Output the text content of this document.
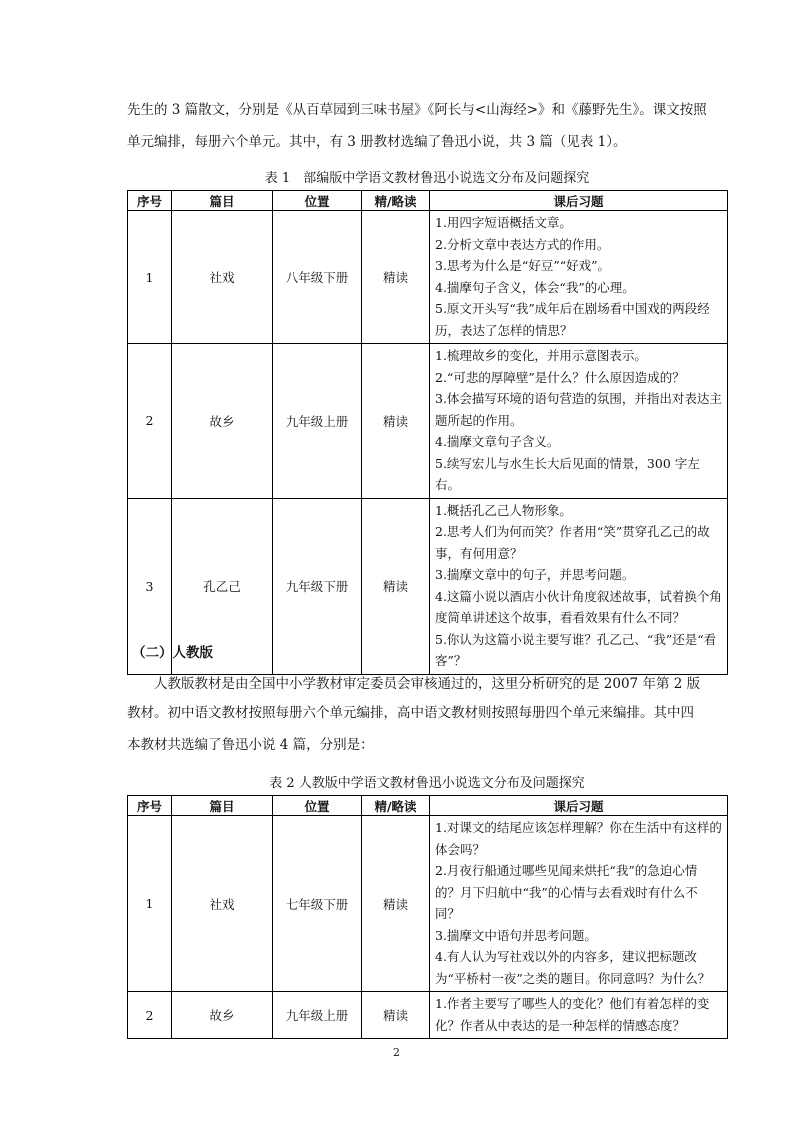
先生的 3 篇散文，分别是《从百草园到三味书屋》《阿长与<山海经>》和《藤野先生》。课文按照

单元编排，每册六个单元。其中，有 3 册教材选编了鲁迅小说，共 3 篇（见表 1）。

表 1　部编版中学语文教材鲁迅小说选文分布及问题探究
序号	篇目	位置	精/略读	课后习题
1	社戏	八年级下册	精读	1.用四字短语概括文章。
2.分析文章中表达方式的作用。
3.思考为什么是“好豆”“好戏”。
4.揣摩句子含义，体会“我”的心理。
5.原文开头写“我”成年后在剧场看中国戏的两段经历，表达了怎样的情思？

2	故乡	九年级上册	精读	1.梳理故乡的变化，并用示意图表示。
2.“可悲的厚障壁”是什么？什么原因造成的？
3.体会描写环境的语句营造的氛围，并指出对表达主题所起的作用。
4.揣摩文章句子含义。
5.续写宏儿与水生长大后见面的情景，300 字左右。

3	孔乙己	九年级下册	精读	1.概括孔乙己人物形象。
2.思考人们为何而笑？作者用“笑”贯穿孔乙己的故事，有何用意？
3.揣摩文章中的句子，并思考问题。
4.这篇小说以酒店小伙计角度叙述故事，试着换个角度简单讲述这个故事，看看效果有什么不同？
5.你认为这篇小说主要写谁？孔乙己、“我”还是“看客”？
（二）人教版

人教版教材是由全国中小学教材审定委员会审核通过的，这里分析研究的是 2007 年第 2 版

教材。初中语文教材按照每册六个单元编排，高中语文教材则按照每册四个单元来编排。其中四

本教材共选编了鲁迅小说 4 篇，分别是：

表 2 人教版中学语文教材鲁迅小说选文分布及问题探究
序号	篇目	位置	精/略读	课后习题
1	社戏	七年级下册	精读	1.对课文的结尾应该怎样理解？你在生活中有这样的体会吗？
2.月夜行船通过哪些见闻来烘托“我”的急迫心情的？月下归航中“我”的心情与去看戏时有什么不同？
3.揣摩文中语句并思考问题。
4.有人认为写社戏以外的内容多，建议把标题改为“平桥村一夜”之类的题目。你同意吗？为什么？

2	故乡	九年级上册	精读	1.作者主要写了哪些人的变化？他们有着怎样的变化？作者从中表达的是一种怎样的情感态度？
2
